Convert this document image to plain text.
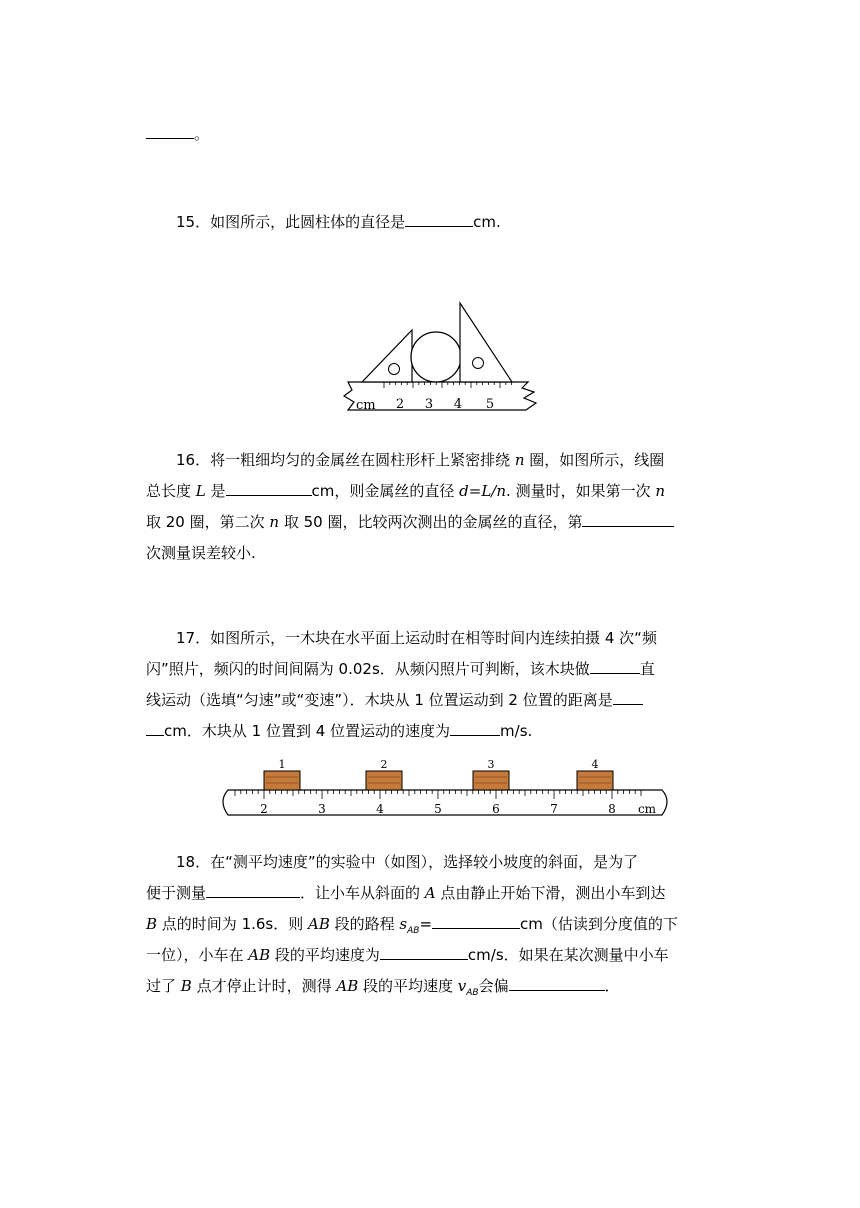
。
15．如图所示，此圆柱体的直径是	cm.
cm 2 3 4 5
16．将一粗细均匀的金属丝在圆柱形杆上紧密排绕 n 圈，如图所示，线圈
总长度 L 是	cm，则金属丝的直径 d=L/n. 测量时，如果第一次 n
取 20 圈，第二次 n 取 50 圈，比较两次测出的金属丝的直径，第
次测量误差较小.
17．如图所示，一木块在水平面上运动时在相等时间内连续拍摄 4 次“频
闪”照片，频闪的时间间隔为 0.02s．从频闪照片可判断，该木块做	直
线运动（选填“匀速”或“变速”）．木块从 1 位置运动到 2 位置的距离是
cm．木块从 1 位置到 4 位置运动的速度为	m/s.
2	3	4	5	6	7	8 cm
1	2	3	4
18．在“测平均速度”的实验中（如图），选择较小坡度的斜面，是为了
便于测量	．让小车从斜面的 A 点由静止开始下滑，测出小车到达
B 点的时间为 1.6s．则 AB 段的路程 $s_{AB}=$	cm（估读到分度值的下
一位），小车在 AB 段的平均速度为	cm/s．如果在某次测量中小车
过了 B 点才停止计时，测得 AB 段的平均速度 $v_{AB}$会偏	．
